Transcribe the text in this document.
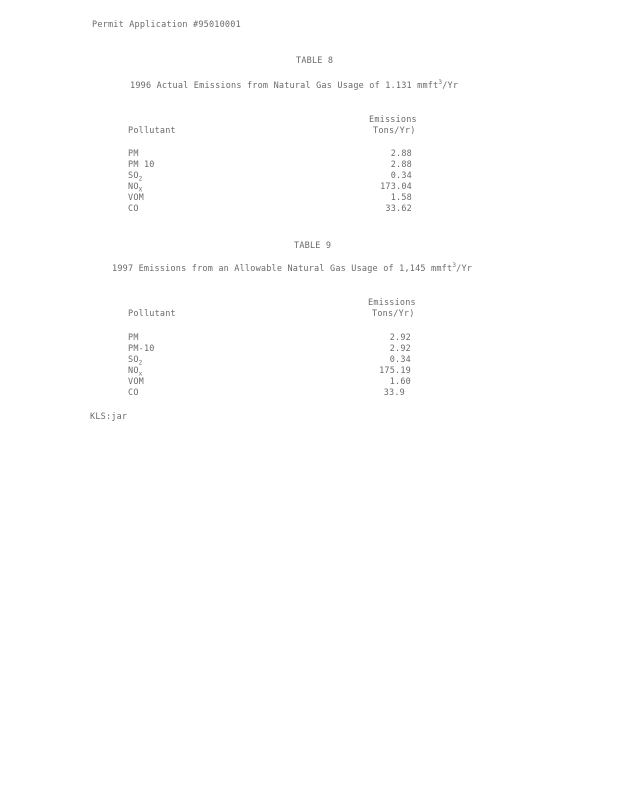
Permit Application #95010001
TABLE 8
1996 Actual Emissions from Natural Gas Usage of 1.131 mmft$^3$/Yr
Emissions
Pollutant	Tons/Yr)
PM	2.88
PM 10	2.88
$SO_2$	0.34
$NO_X$	173.04
VOM	1.58
CO	33.62
TABLE 9
1997 Emissions from an Allowable Natural Gas Usage of 1,145 mmft$^3$/Yr
Emissions
Pollutant	Tons/Yr)
PM	2.92
PM-10	2.92
$SO_2$	0.34
$NO_x$	175.19
VOM	1.60
CO	33.9
KLS:jar
